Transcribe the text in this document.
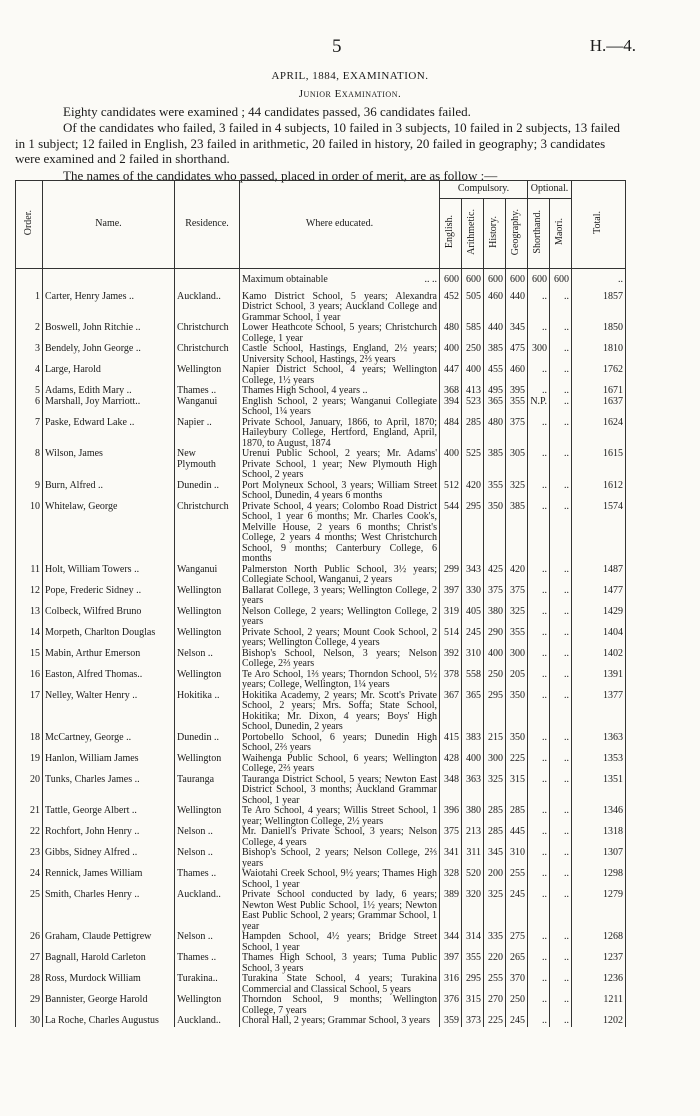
5	H.—4.
APRIL, 1884, EXAMINATION.
Junior Examination.
Eighty candidates were examined ; 44 candidates passed, 36 candidates failed.
Of the candidates who failed, 3 failed in 4 subjects, 10 failed in 3 subjects, 10 failed in 2 subjects, 13 failed in 1 subject; 12 failed in English, 23 failed in arithmetic, 20 failed in history, 20 failed in geography; 3 candidates were examined and 2 failed in shorthand.
The names of the candidates who passed, placed in order of merit, are as follow :—
Order.	Name.	Residence.	Where educated.	Compulsory.				Optional.		Total.
				English.	Arithmetic.	History.	Geography.	Shorthand.	Maori.	
			Maximum obtainable .. ..	600	600	600	600	600	600	..
1	Carter, Henry James ..	Auckland..	Kamo District School, 5 years; Alexandra District School, 3 years; Auckland College and Grammar School, 1 year	452	505	460	440	..	..	1857
2	Boswell, John Ritchie ..	Christchurch	Lower Heathcote School, 5 years; Christchurch College, 1 year	480	585	440	345	..	..	1850
3	Bendely, John George ..	Christchurch	Castle School, Hastings, England, 2½ years; University School, Hastings, 2⅔ years	400	250	385	475	300	..	1810
4	Large, Harold	Wellington	Napier District School, 4 years; Wellington College, 1½ years	447	400	455	460	..	..	1762
5	Adams, Edith Mary ..	Thames ..	Thames High School, 4 years ..	368	413	495	395	..	..	1671
6	Marshall, Joy Marriott..	Wanganui	English School, 2 years; Wanganui Collegiate School, 1¼ years	394	523	365	355	N.P.	..	1637
7	Paske, Edward Lake ..	Napier ..	Private School, January, 1866, to April, 1870; Haileybury College, Hertford, England, April, 1870, to August, 1874	484	285	480	375	..	..	1624
8	Wilson, James	New Plymouth	Urenui Public School, 2 years; Mr. Adams' Private School, 1 year; New Plymouth High School, 2 years	400	525	385	305	..	..	1615
9	Burn, Alfred ..	Dunedin ..	Port Molyneux School, 3 years; William Street School, Dunedin, 4 years 6 months	512	420	355	325	..	..	1612
10	Whitelaw, George	Christchurch	Private School, 4 years; Colombo Road District School, 1 year 6 months; Mr. Charles Cook's, Melville House, 2 years 6 months; Christ's College, 2 years 4 months; West Christchurch School, 9 months; Canterbury College, 6 months	544	295	350	385	..	..	1574
11	Holt, William Towers ..	Wanganui	Palmerston North Public School, 3½ years; Collegiate School, Wanganui, 2 years	299	343	425	420	..	..	1487
12	Pope, Frederic Sidney ..	Wellington	Ballarat College, 3 years; Wellington College, 2 years	397	330	375	375	..	..	1477
13	Colbeck, Wilfred Bruno	Wellington	Nelson College, 2 years; Wellington College, 2 years	319	405	380	325	..	..	1429
14	Morpeth, Charlton Douglas	Wellington	Private School, 2 years; Mount Cook School, 2 years; Wellington College, 4 years	514	245	290	355	..	..	1404
15	Mabin, Arthur Emerson	Nelson ..	Bishop's School, Nelson, 3 years; Nelson College, 2⅔ years	392	310	400	300	..	..	1402
16	Easton, Alfred Thomas..	Wellington	Te Aro School, 1⅔ years; Thorndon School, 5½ years; College, Wellington, 1¼ years	378	558	250	205	..	..	1391
17	Nelley, Walter Henry ..	Hokitika ..	Hokitika Academy, 2 years; Mr. Scott's Private School, 2 years; Mrs. Soffa; State School, Hokitika; Mr. Dixon, 4 years; Boys' High School, Dunedin, 2 years	367	365	295	350	..	..	1377
18	McCartney, George ..	Dunedin ..	Portobello School, 6 years; Dunedin High School, 2⅔ years	415	383	215	350	..	..	1363
19	Hanlon, William James	Wellington	Waihenga Public School, 6 years; Wellington College, 2⅔ years	428	400	300	225	..	..	1353
20	Tunks, Charles James ..	Tauranga	Tauranga District School, 5 years; Newton East District School, 3 months; Auckland Grammar School, 1 year	348	363	325	315	..	..	1351
21	Tattle, George Albert ..	Wellington	Te Aro School, 4 years; Willis Street School, 1 year; Wellington College, 2½ years	396	380	285	285	..	..	1346
22	Rochfort, John Henry ..	Nelson ..	Mr. Daniell's Private School, 3 years; Nelson College, 4 years	375	213	285	445	..	..	1318
23	Gibbs, Sidney Alfred ..	Nelson ..	Bishop's School, 2 years; Nelson College, 2⅔ years	341	311	345	310	..	..	1307
24	Rennick, James William	Thames ..	Waiotahi Creek School, 9½ years; Thames High School, 1 year	328	520	200	255	..	..	1298
25	Smith, Charles Henry ..	Auckland..	Private School conducted by lady, 6 years; Newton West Public School, 1½ years; Newton East Public School, 2 years; Grammar School, 1 year	389	320	325	245	..	..	1279
26	Graham, Claude Pettigrew	Nelson ..	Hampden School, 4½ years; Bridge Street School, 1 year	344	314	335	275	..	..	1268
27	Bagnall, Harold Carleton	Thames ..	Thames High School, 3 years; Tuma Public School, 3 years	397	355	220	265	..	..	1237
28	Ross, Murdock William	Turakina..	Turakina State School, 4 years; Turakina Commercial and Classical School, 5 years	316	295	255	370	..	..	1236
29	Bannister, George Harold	Wellington	Thorndon School, 9 months; Wellington College, 7 years	376	315	270	250	..	..	1211
30	La Roche, Charles Augustus	Auckland..	Choral Hall, 2 years; Grammar School, 3 years	359	373	225	245	..	..	1202
